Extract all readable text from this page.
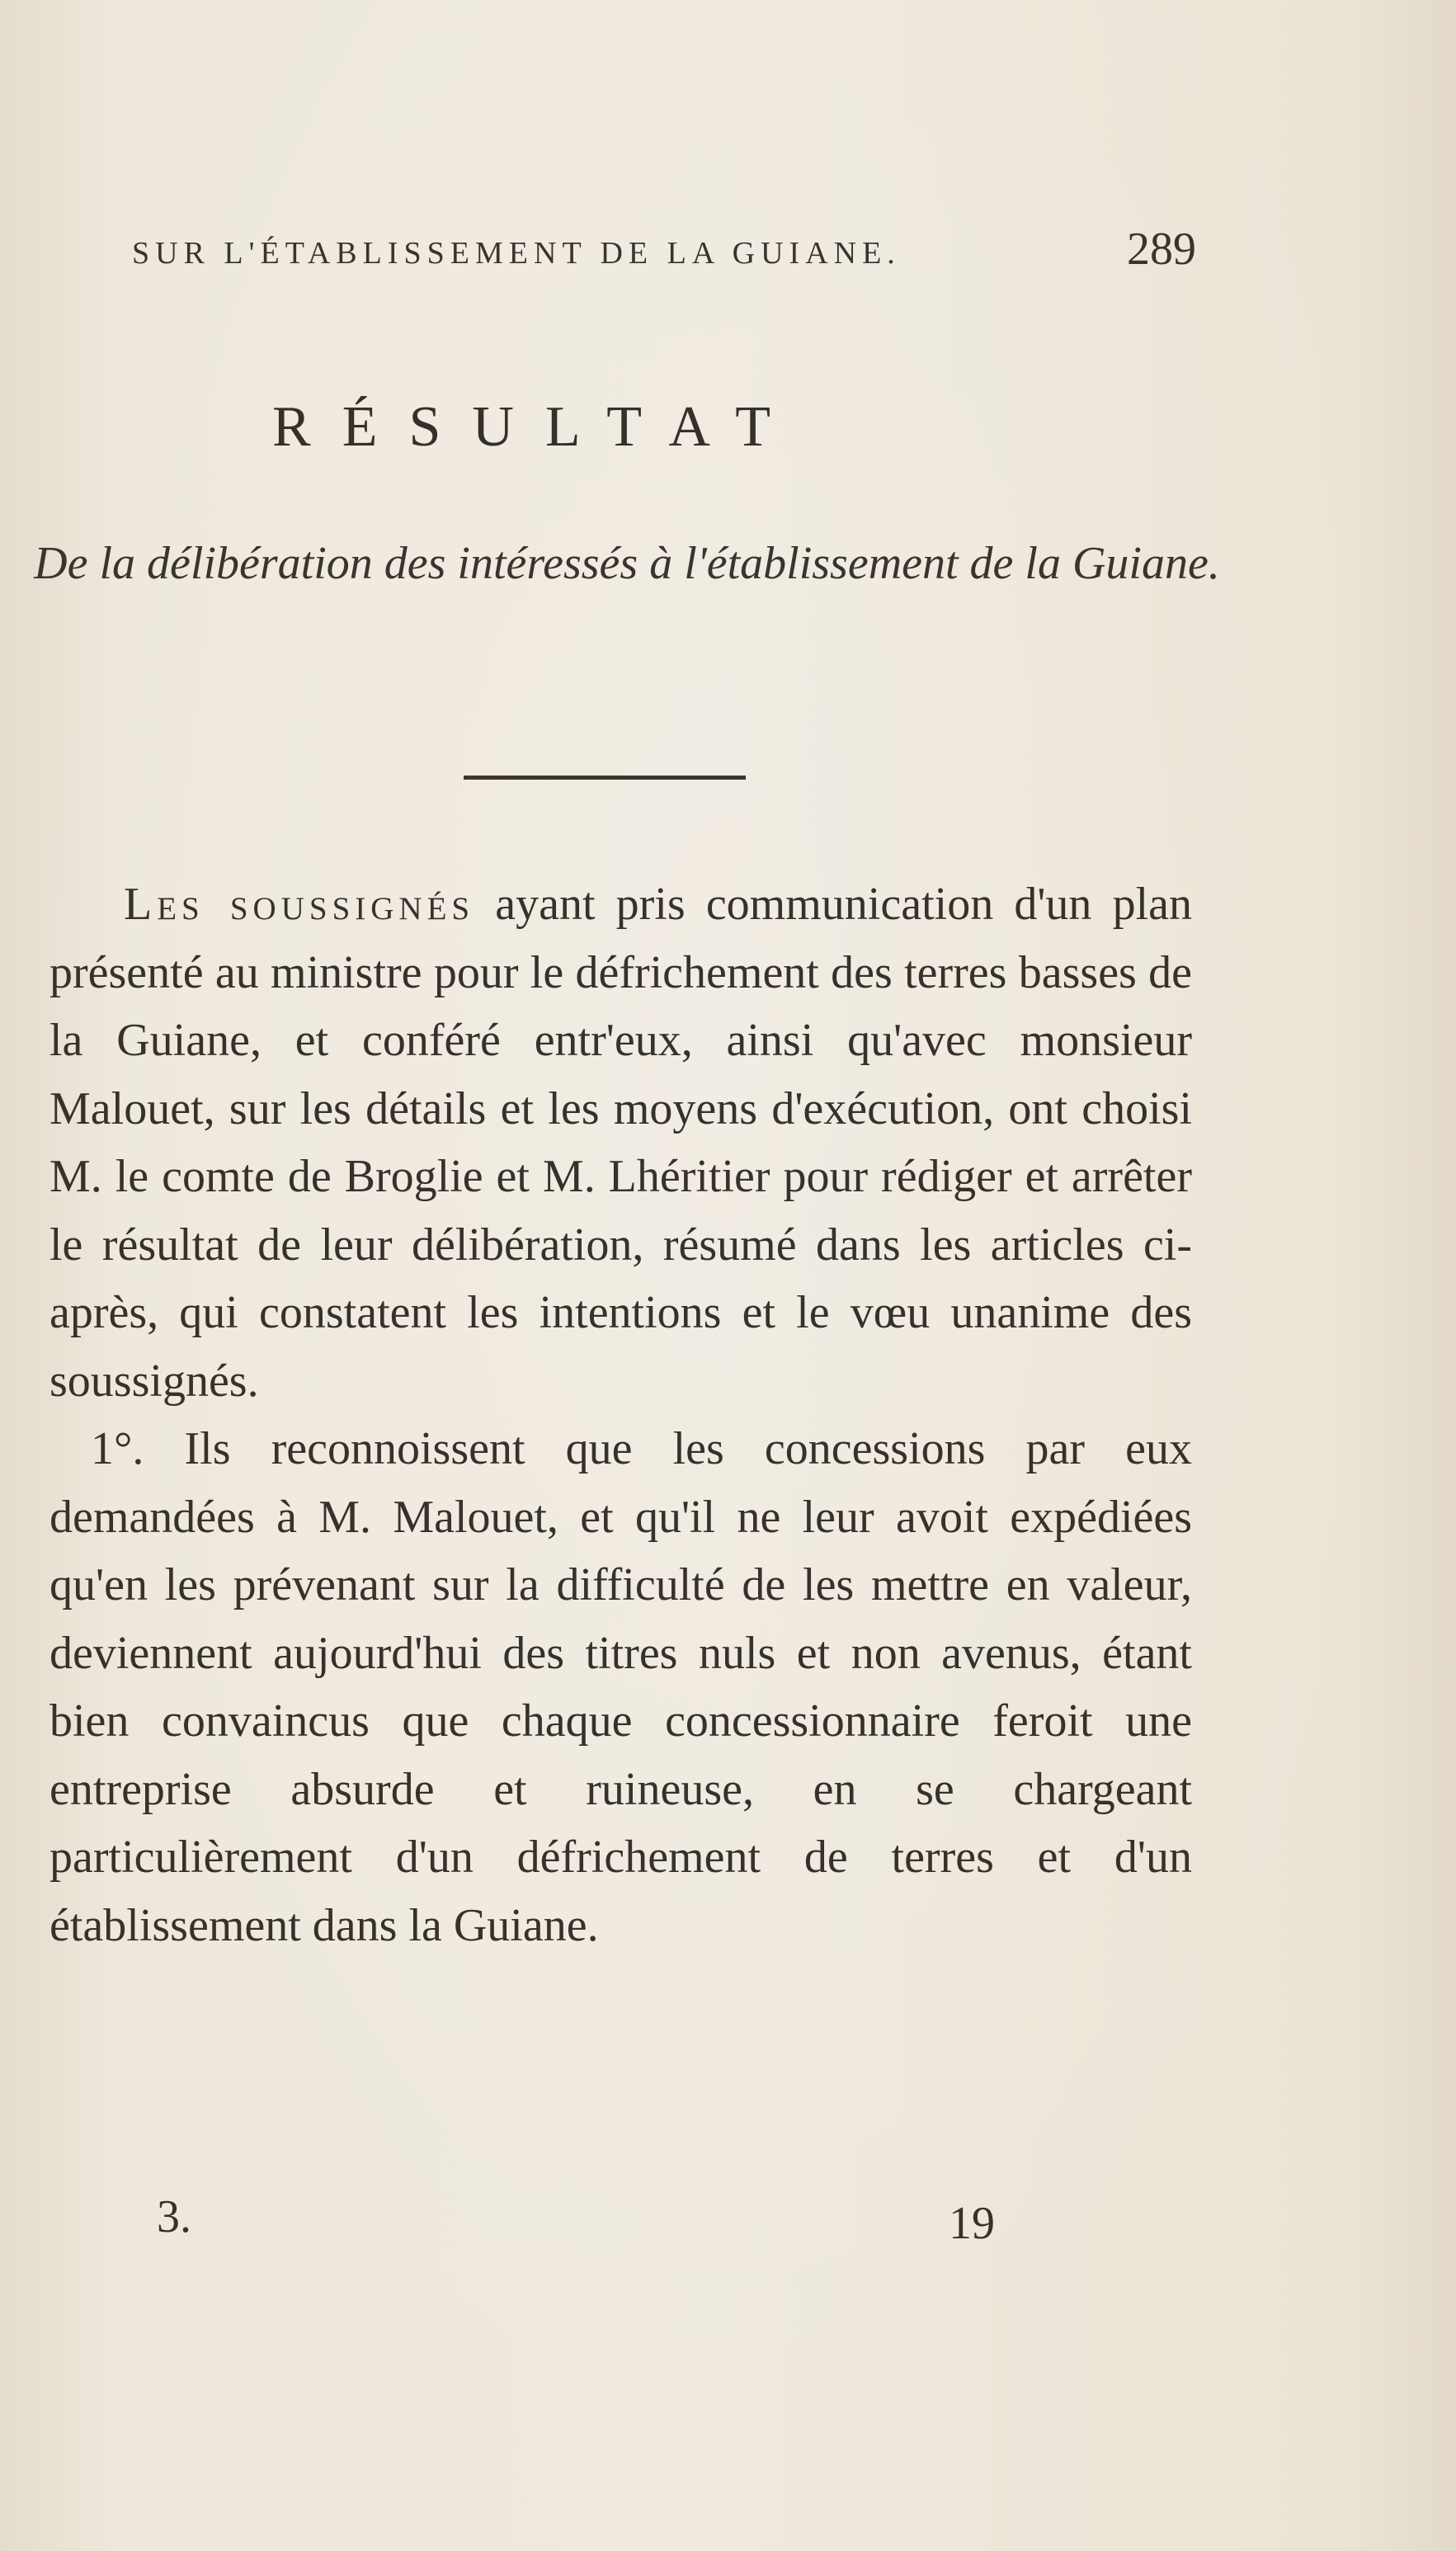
SUR L'ÉTABLISSEMENT DE LA GUIANE.	289
RÉSULTAT
De la délibération des intéressés à l'établissement de la Guiane.

Les soussignés ayant pris communication d'un plan présenté au ministre pour le défrichement des terres basses de la Guiane, et conféré entr'eux, ainsi qu'avec monsieur Malouet, sur les détails et les moyens d'exécution, ont choisi M. le comte de Broglie et M. Lhéritier pour rédiger et arrêter le résultat de leur délibération, résumé dans les articles ci-après, qui constatent les intentions et le vœu unanime des soussignés.

1°. Ils reconnoissent que les concessions par eux demandées à M. Malouet, et qu'il ne leur avoit expédiées qu'en les prévenant sur la difficulté de les mettre en valeur, deviennent aujourd'hui des titres nuls et non avenus, étant bien convaincus que chaque concessionnaire feroit une entreprise absurde et ruineuse, en se chargeant particulièrement d'un défrichement de terres et d'un établissement dans la Guiane.

3.	19
